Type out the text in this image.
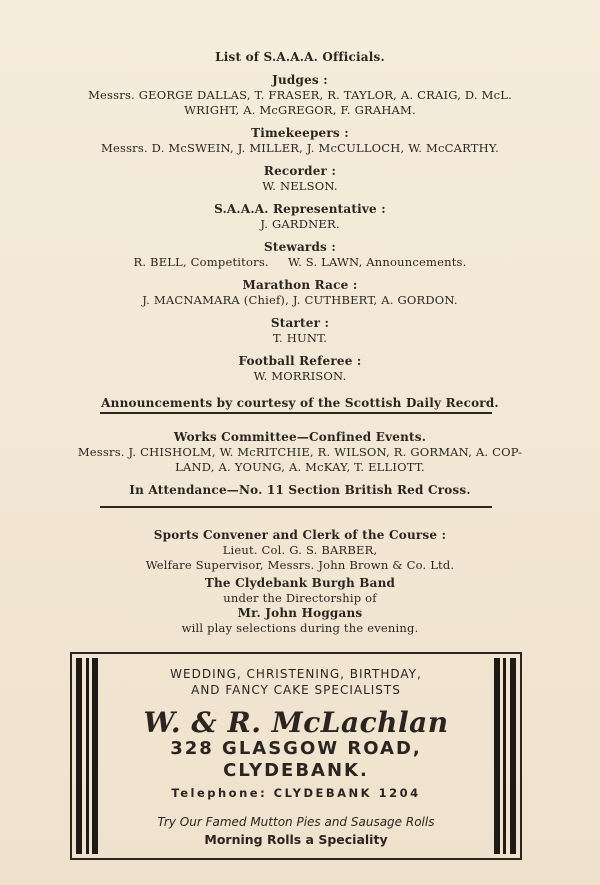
List of S.A.A.A. Officials.

Judges :

Messrs. GEORGE DALLAS, T. FRASER, R. TAYLOR, A. CRAIG, D. McL.

WRIGHT, A. McGREGOR, F. GRAHAM.

Timekeepers :

Messrs. D. McSWEIN, J. MILLER, J. McCULLOCH, W. McCARTHY.

Recorder :

W. NELSON.

S.A.A.A. Representative :

J. GARDNER.

Stewards :

R. BELL, Competitors.     W. S. LAWN, Announcements.

Marathon Race :

J. MACNAMARA (Chief), J. CUTHBERT, A. GORDON.

Starter :

T. HUNT.

Football Referee :

W. MORRISON.

Announcements by courtesy of the Scottish Daily Record.

Works Committee—Confined Events.

Messrs. J. CHISHOLM, W. McRITCHIE, R. WILSON, R. GORMAN, A. COP-

LAND, A. YOUNG, A. McKAY, T. ELLIOTT.

In Attendance—No. 11 Section British Red Cross.

Sports Convener and Clerk of the Course :

Lieut. Col. G. S. BARBER,

Welfare Supervisor, Messrs. John Brown & Co. Ltd.

The Clydebank Burgh Band

under the Directorship of

Mr. John Hoggans

will play selections during the evening.

WEDDING, CHRISTENING, BIRTHDAY,

AND FANCY CAKE SPECIALISTS

W. & R. McLachlan

328 GLASGOW ROAD,

CLYDEBANK.

Telephone: CLYDEBANK 1204

Try Our Famed Mutton Pies and Sausage Rolls

Morning Rolls a Speciality
